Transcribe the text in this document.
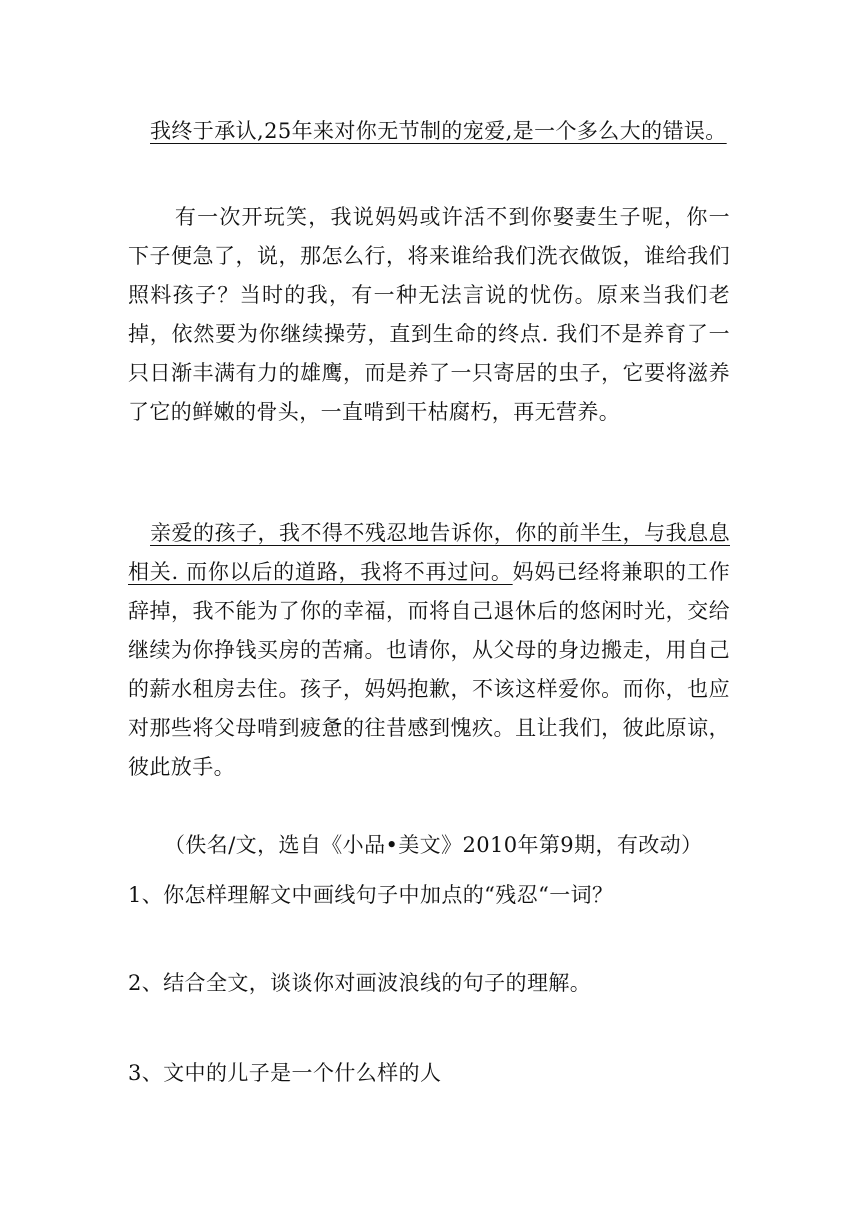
我终于承认,25年来对你无节制的宠爱,是一个多么大的错误。

有一次开玩笑，我说妈妈或许活不到你娶妻生子呢，你一下子便急了，说，那怎么行，将来谁给我们洗衣做饭，谁给我们照料孩子？当时的我，有一种无法言说的忧伤。原来当我们老掉，依然要为你继续操劳，直到生命的终点. 我们不是养育了一只日渐丰满有力的雄鹰，而是养了一只寄居的虫子，它要将滋养了它的鲜嫩的骨头，一直啃到干枯腐朽，再无营养。

亲爱的孩子，我不得不残忍地告诉你，你的前半生，与我息息相关. 而你以后的道路，我将不再过问。妈妈已经将兼职的工作辞掉，我不能为了你的幸福，而将自己退休后的悠闲时光，交给继续为你挣钱买房的苦痛。也请你，从父母的身边搬走，用自己的薪水租房去住。孩子，妈妈抱歉，不该这样爱你。而你，也应对那些将父母啃到疲惫的往昔感到愧疚。且让我们，彼此原谅，彼此放手。

（佚名/文，选自《小品•美文》2010年第9期，有改动）

1、你怎样理解文中画线句子中加点的“残忍“一词？

2、结合全文，谈谈你对画波浪线的句子的理解。

3、文中的儿子是一个什么样的人
